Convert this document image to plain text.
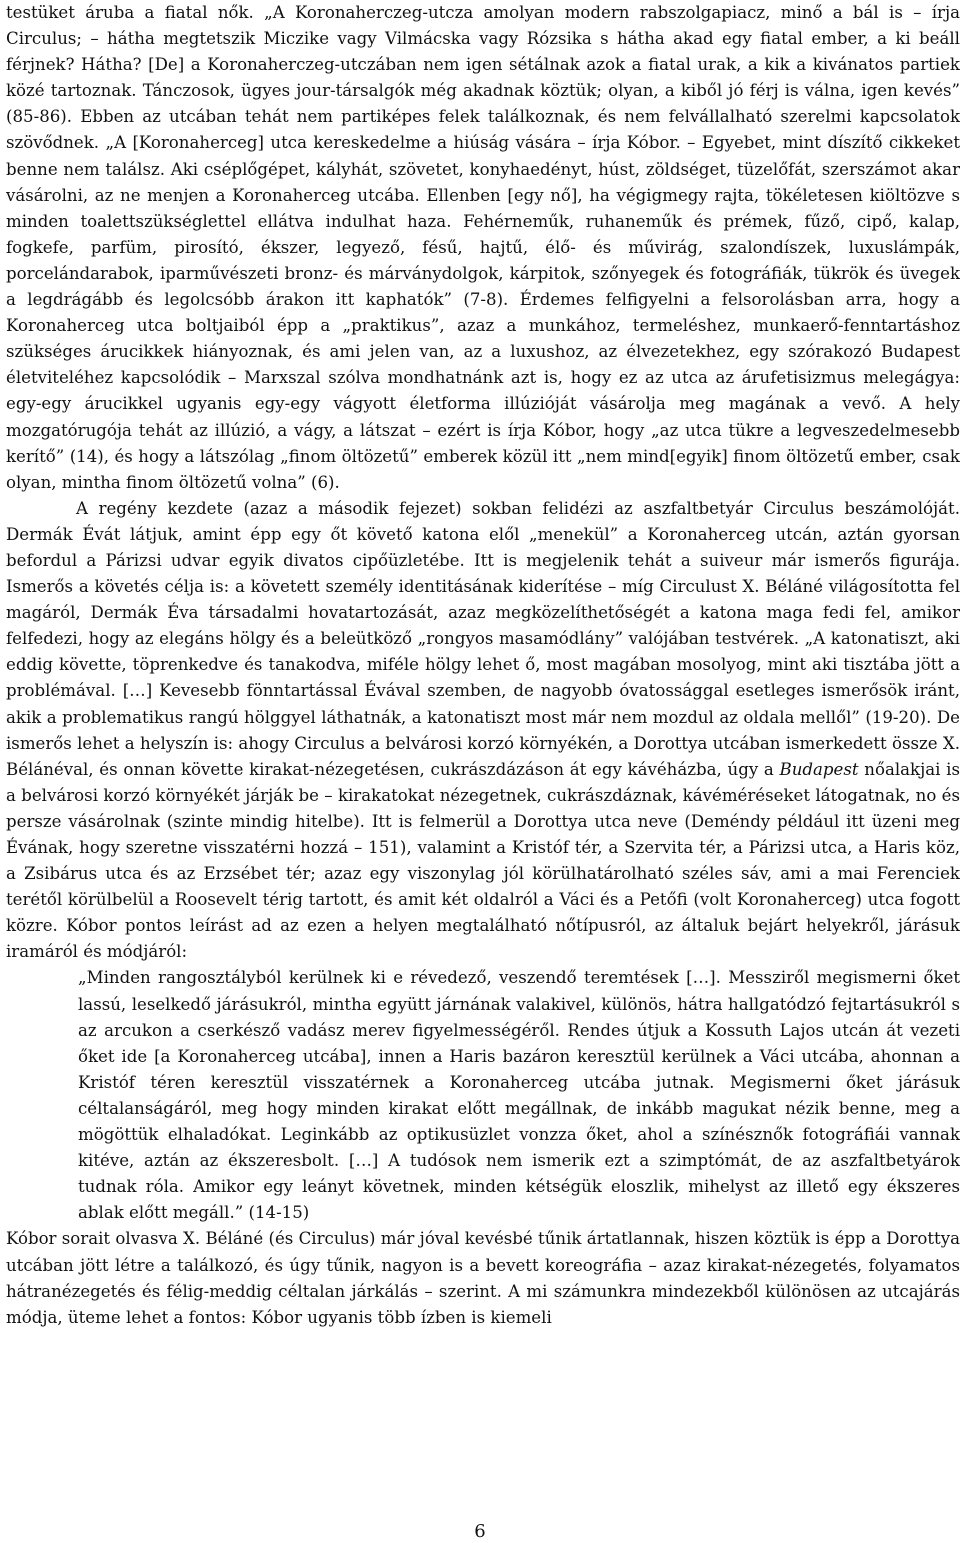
testüket áruba a fiatal nők. „A Koronaherczeg-utcza amolyan modern rabszolgapiacz, minő a bál is – írja Circulus; – hátha megtetszik Miczike vagy Vilmácska vagy Rózsika s hátha akad egy fiatal ember, a ki beáll férjnek? Hátha? [De] a Koronaherczeg-utczában nem igen sétálnak azok a fiatal urak, a kik a kivánatos partiek közé tartoznak. Tánczosok, ügyes jour-társalgók még akadnak köztük; olyan, a kiből jó férj is válna, igen kevés” (85-86). Ebben az utcában tehát nem partiképes felek találkoznak, és nem felvállalható szerelmi kapcsolatok szövődnek. „A [Koronaherceg] utca kereskedelme a hiúság vására – írja Kóbor. – Egyebet, mint díszítő cikkeket benne nem találsz. Aki cséplőgépet, kályhát, szövetet, konyhaedényt, húst, zöldséget, tüzelőfát, szerszámot akar vásárolni, az ne menjen a Koronaherceg utcába. Ellenben [egy nő], ha végigmegy rajta, tökéletesen kiöltözve s minden toalettszükséglettel ellátva indulhat haza. Fehérneműk, ruhaneműk és prémek, fűző, cipő, kalap, fogkefe, parfüm, pirosító, ékszer, legyező, fésű, hajtű, élő- és művirág, szalondíszek, luxuslámpák, porcelándarabok, iparművészeti bronz- és márványdolgok, kárpitok, szőnyegek és fotográfiák, tükrök és üvegek a legdrágább és legolcsóbb árakon itt kaphatók” (7-8). Érdemes felfigyelni a felsorolásban arra, hogy a Koronaherceg utca boltjaiból épp a „praktikus”, azaz a munkához, termeléshez, munkaerő-fenntartáshoz szükséges árucikkek hiányoznak, és ami jelen van, az a luxushoz, az élvezetekhez, egy szórakozó Budapest életviteléhez kapcsolódik – Marxszal szólva mondhatnánk azt is, hogy ez az utca az árufetisizmus melegágya: egy-egy árucikkel ugyanis egy-egy vágyott életforma illúzióját vásárolja meg magának a vevő. A hely mozgatórugója tehát az illúzió, a vágy, a látszat – ezért is írja Kóbor, hogy „az utca tükre a legveszedelmesebb kerítő” (14), és hogy a látszólag „finom öltözetű” emberek közül itt „nem mind[egyik] finom öltözetű ember, csak olyan, mintha finom öltözetű volna” (6).

A regény kezdete (azaz a második fejezet) sokban felidézi az aszfaltbetyár Circulus beszámolóját. Dermák Évát látjuk, amint épp egy őt követő katona elől „menekül” a Koronaherceg utcán, aztán gyorsan befordul a Párizsi udvar egyik divatos cipőüzletébe. Itt is megjelenik tehát a suiveur már ismerős figurája. Ismerős a követés célja is: a követett személy identitásának kiderítése – míg Circulust X. Béláné világosította fel magáról, Dermák Éva társadalmi hovatartozását, azaz megközelíthetőségét a katona maga fedi fel, amikor felfedezi, hogy az elegáns hölgy és a beleütköző „rongyos masamódlány” valójában testvérek. „A katonatiszt, aki eddig követte, töprenkedve és tanakodva, miféle hölgy lehet ő, most magában mosolyog, mint aki tisztába jött a problémával. […] Kevesebb fönntartással Évával szemben, de nagyobb óvatossággal esetleges ismerősök iránt, akik a problematikus rangú hölggyel láthatnák, a katonatiszt most már nem mozdul az oldala mellől” (19-20). De ismerős lehet a helyszín is: ahogy Circulus a belvárosi korzó környékén, a Dorottya utcában ismerkedett össze X. Bélánéval, és onnan követte kirakat-nézegetésen, cukrászdázáson át egy kávéházba, úgy a Budapest nőalakjai is a belvárosi korzó környékét járják be – kirakatokat nézegetnek, cukrászdáznak, kávéméréseket látogatnak, no és persze vásárolnak (szinte mindig hitelbe). Itt is felmerül a Dorottya utca neve (Deméndy például itt üzeni meg Évának, hogy szeretne visszatérni hozzá – 151), valamint a Kristóf tér, a Szervita tér, a Párizsi utca, a Haris köz, a Zsibárus utca és az Erzsébet tér; azaz egy viszonylag jól körülhatárolható széles sáv, ami a mai Ferenciek terétől körülbelül a Roosevelt térig tartott, és amit két oldalról a Váci és a Petőfi (volt Koronaherceg) utca fogott közre. Kóbor pontos leírást ad az ezen a helyen megtalálható nőtípusról, az általuk bejárt helyekről, járásuk iramáról és módjáról:

„Minden rangosztályból kerülnek ki e révedező, veszendő teremtések […]. Messziről megismerni őket lassú, leselkedő járásukról, mintha együtt járnának valakivel, különös, hátra hallgatódzó fejtartásukról s az arcukon a cserkésző vadász merev figyelmességéről. Rendes útjuk a Kossuth Lajos utcán át vezeti őket ide [a Koronaherceg utcába], innen a Haris bazáron keresztül kerülnek a Váci utcába, ahonnan a Kristóf téren keresztül visszatérnek a Koronaherceg utcába jutnak. Megismerni őket járásuk céltalanságáról, meg hogy minden kirakat előtt megállnak, de inkább magukat nézik benne, meg a mögöttük elhaladókat. Leginkább az optikusüzlet vonzza őket, ahol a színésznők fotográfiái vannak kitéve, aztán az ékszeresbolt. […] A tudósok nem ismerik ezt a szimptómát, de az aszfaltbetyárok tudnak róla. Amikor egy leányt követnek, minden kétségük eloszlik, mihelyst az illető egy ékszeres ablak előtt megáll.” (14-15)

Kóbor sorait olvasva X. Béláné (és Circulus) már jóval kevésbé tűnik ártatlannak, hiszen köztük is épp a Dorottya utcában jött létre a találkozó, és úgy tűnik, nagyon is a bevett koreográfia – azaz kirakat-nézegetés, folyamatos hátranézegetés és félig-meddig céltalan járkálás – szerint. A mi számunkra mindezekből különösen az utcajárás módja, üteme lehet a fontos: Kóbor ugyanis több ízben is kiemeli

6
